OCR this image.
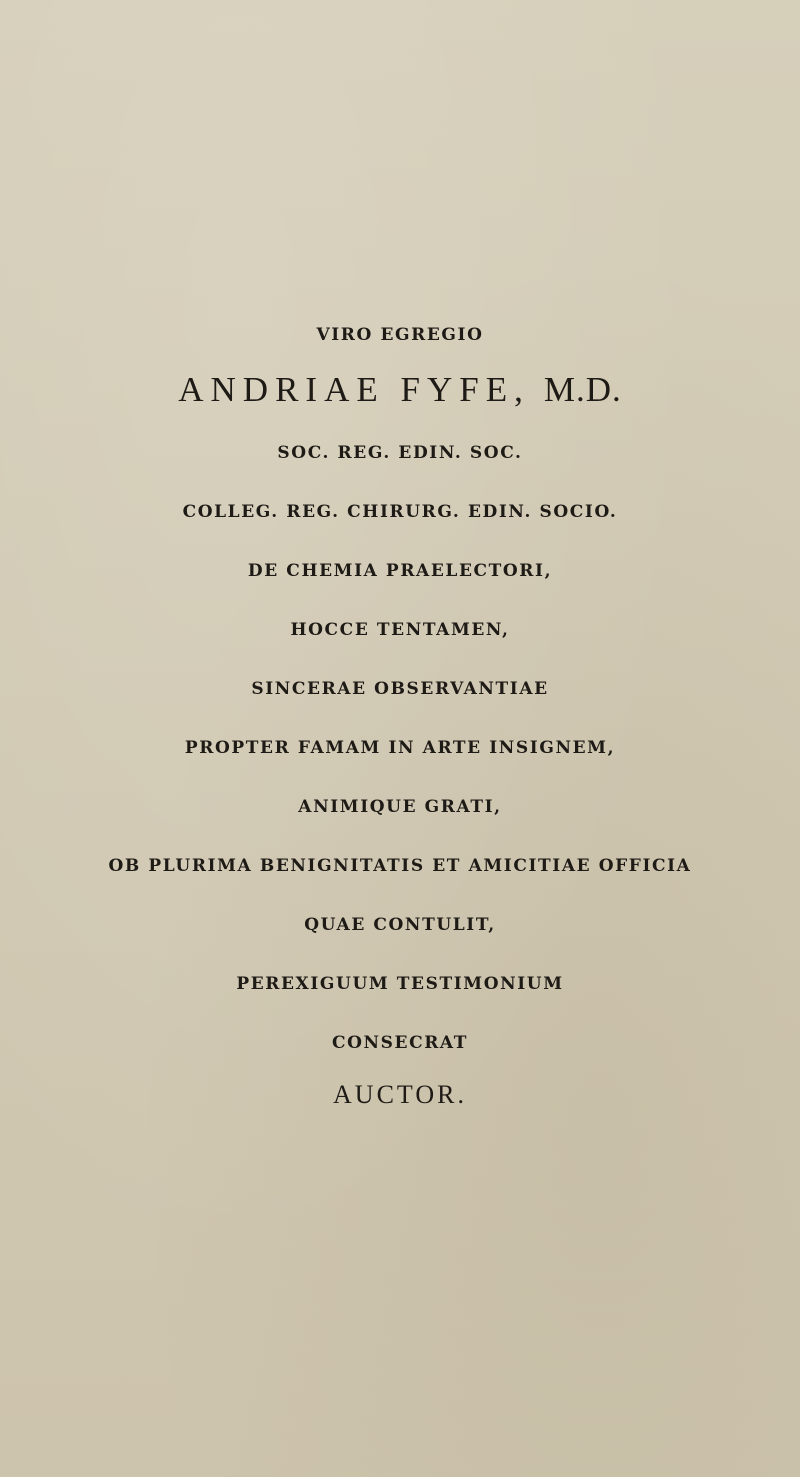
VIRO EGREGIO
ANDRIAE FYFE, M.D.
SOC. REG. EDIN. SOC.
COLLEG. REG. CHIRURG. EDIN. SOCIO.
DE CHEMIA PRAELECTORI,
HOCCE TENTAMEN,
SINCERAE OBSERVANTIAE
PROPTER FAMAM IN ARTE INSIGNEM,
ANIMIQUE GRATI,
OB PLURIMA BENIGNITATIS ET AMICITIAE OFFICIA
QUAE CONTULIT,
PEREXIGUUM TESTIMONIUM
CONSECRAT
AUCTOR.
